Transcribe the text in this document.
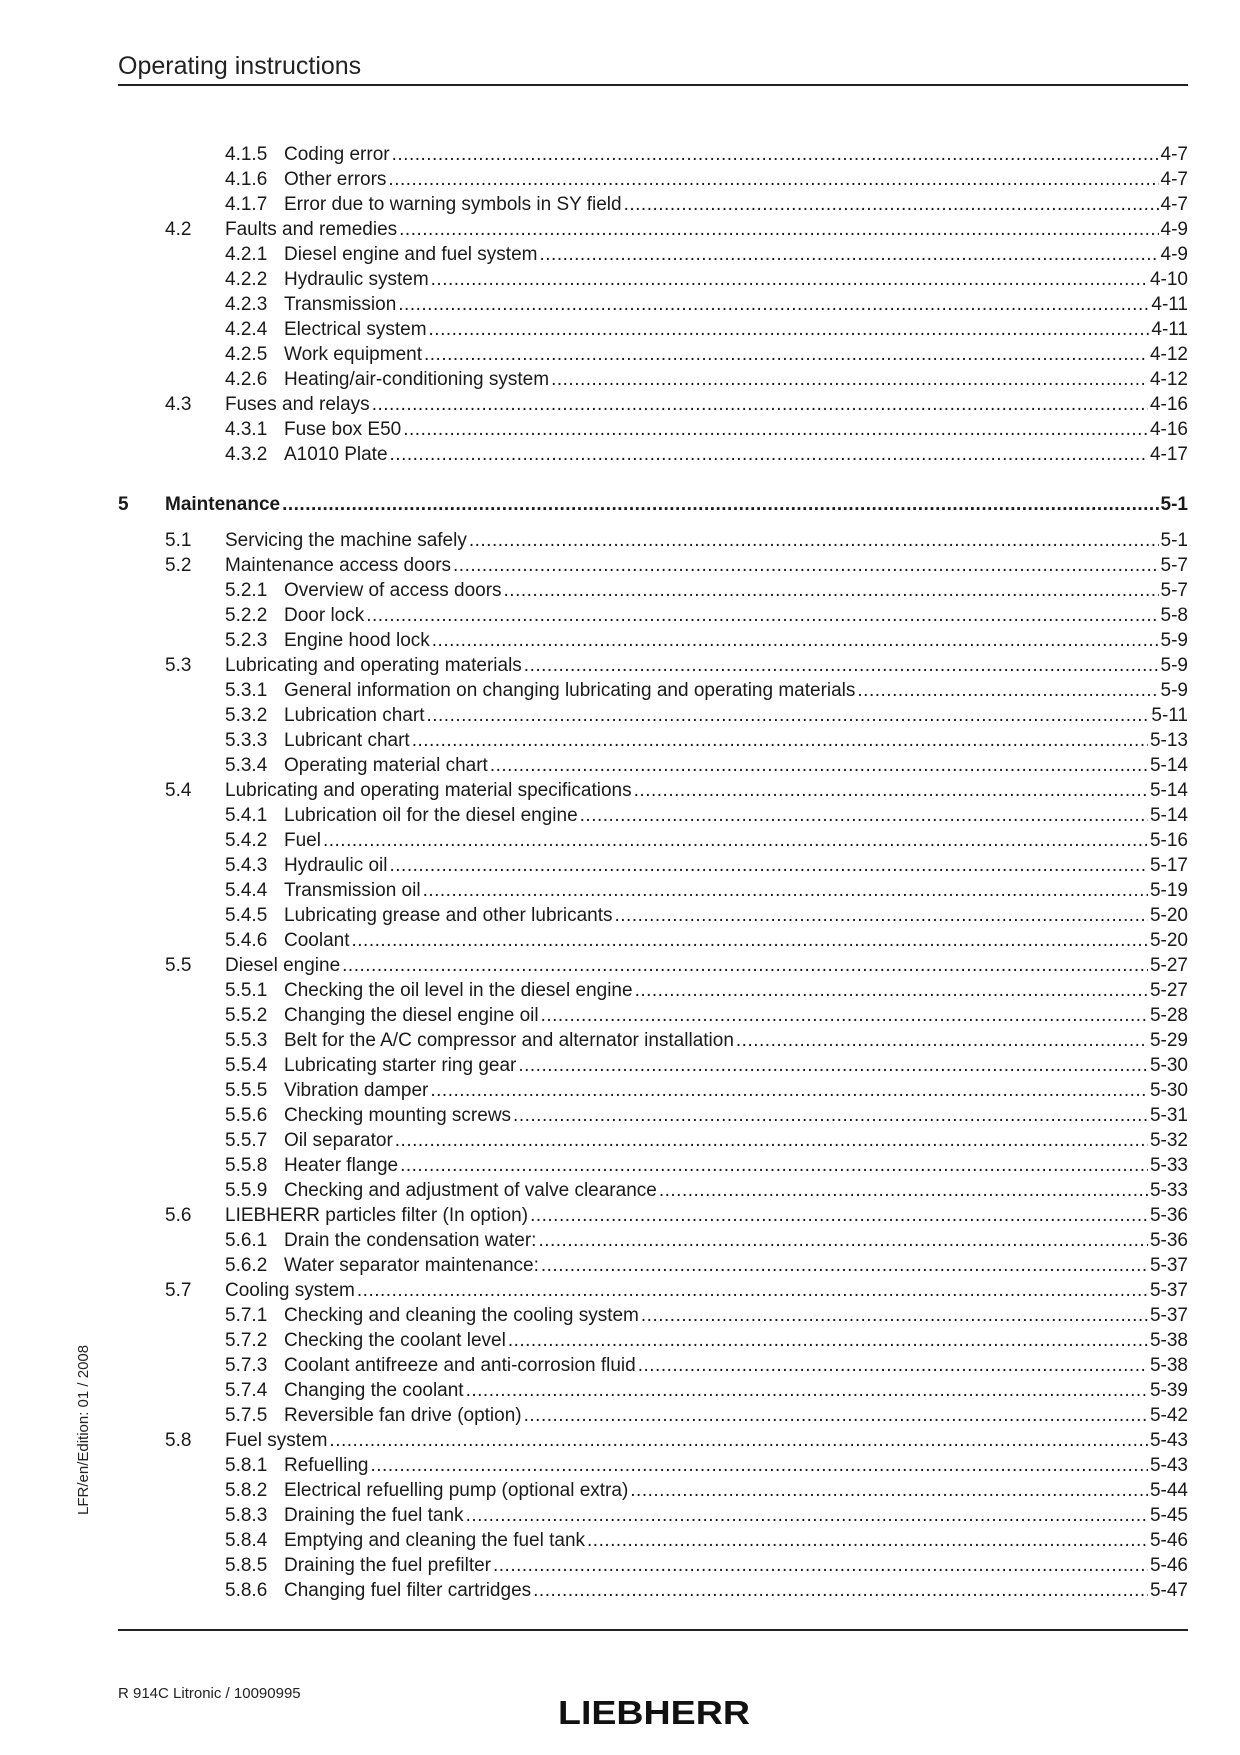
Operating instructions
4.1.5 Coding error .....	4-7
4.1.6 Other errors .....	4-7
4.1.7 Error due to warning symbols in SY field .....	4-7
4.2 Faults and remedies .....	4-9
4.2.1 Diesel engine and fuel system .....	4-9
4.2.2 Hydraulic system .....	4-10
4.2.3 Transmission .....	4-11
4.2.4 Electrical system .....	4-11
4.2.5 Work equipment .....	4-12
4.2.6 Heating/air-conditioning system .....	4-12
4.3 Fuses and relays .....	4-16
4.3.1 Fuse box E50 .....	4-16
4.3.2 A1010 Plate .....	4-17
5 Maintenance .....	5-1
5.1 Servicing the machine safely .....	5-1
5.2 Maintenance access doors .....	5-7
5.2.1 Overview of access doors .....	5-7
5.2.2 Door lock .....	5-8
5.2.3 Engine hood lock .....	5-9
5.3 Lubricating and operating materials .....	5-9
5.3.1 General information on changing lubricating and operating materials .....	5-9
5.3.2 Lubrication chart .....	5-11
5.3.3 Lubricant chart .....	5-13
5.3.4 Operating material chart .....	5-14
5.4 Lubricating and operating material specifications .....	5-14
5.4.1 Lubrication oil for the diesel engine .....	5-14
5.4.2 Fuel .....	5-16
5.4.3 Hydraulic oil .....	5-17
5.4.4 Transmission oil .....	5-19
5.4.5 Lubricating grease and other lubricants .....	5-20
5.4.6 Coolant .....	5-20
5.5 Diesel engine .....	5-27
5.5.1 Checking the oil level in the diesel engine .....	5-27
5.5.2 Changing the diesel engine oil .....	5-28
5.5.3 Belt for the A/C compressor and alternator installation .....	5-29
5.5.4 Lubricating starter ring gear .....	5-30
5.5.5 Vibration damper .....	5-30
5.5.6 Checking mounting screws .....	5-31
5.5.7 Oil separator .....	5-32
5.5.8 Heater flange .....	5-33
5.5.9 Checking and adjustment of valve clearance .....	5-33
5.6 LIEBHERR particles filter (In option) .....	5-36
5.6.1 Drain the condensation water: .....	5-36
5.6.2 Water separator maintenance: .....	5-37
5.7 Cooling system .....	5-37
5.7.1 Checking and cleaning the cooling system .....	5-37
5.7.2 Checking the coolant level .....	5-38
5.7.3 Coolant antifreeze and anti-corrosion fluid .....	5-38
5.7.4 Changing the coolant .....	5-39
5.7.5 Reversible fan drive (option) .....	5-42
5.8 Fuel system .....	5-43
5.8.1 Refuelling .....	5-43
5.8.2 Electrical refuelling pump (optional extra) .....	5-44
5.8.3 Draining the fuel tank .....	5-45
5.8.4 Emptying and cleaning the fuel tank .....	5-46
5.8.5 Draining the fuel prefilter .....	5-46
5.8.6 Changing fuel filter cartridges .....	5-47
LFR/en/Edition: 01 / 2008
R 914C Litronic / 10090995
LIEBHERR
